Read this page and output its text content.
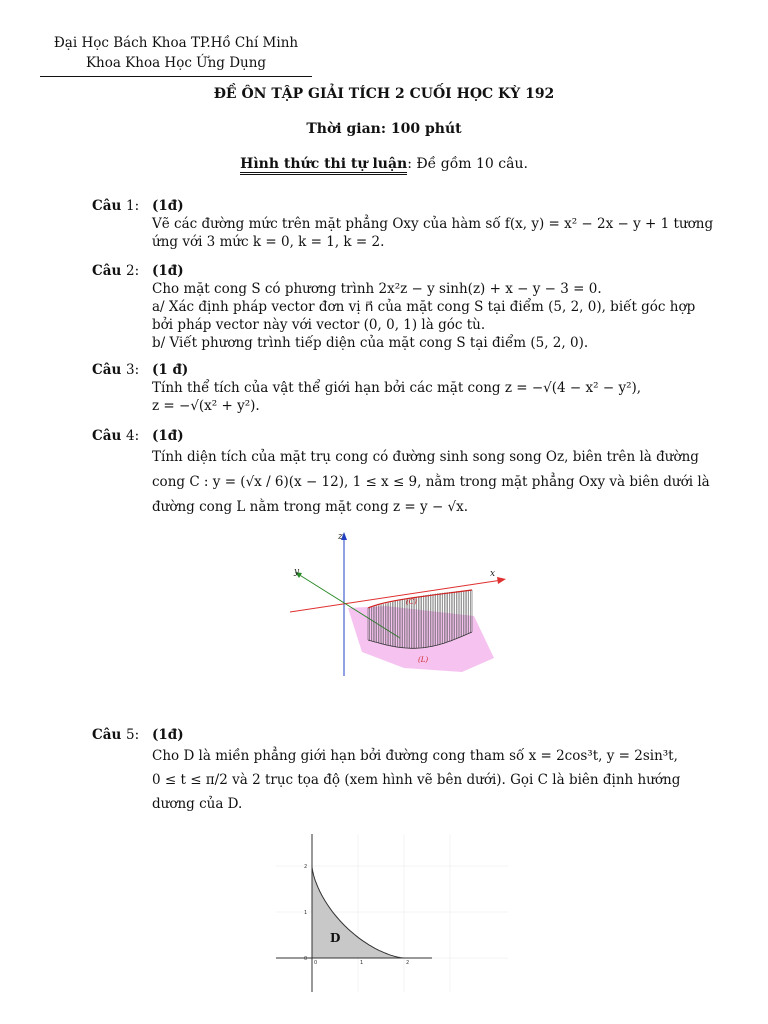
Đại Học Bách Khoa TP.Hồ Chí Minh
Khoa Khoa Học Ứng Dụng
ĐỀ ÔN TẬP GIẢI TÍCH 2 CUỐI HỌC KỲ 192
Thời gian: 100 phút
Hình thức thi tự luận: Đề gồm 10 câu.
Câu 1: (1đ)
Vẽ các đường mức trên mặt phẳng Oxy của hàm số f(x, y) = x² − 2x − y + 1 tương
ứng với 3 mức k = 0, k = 1, k = 2.
Câu 2: (1đ)
Cho mặt cong S có phương trình 2x²z − y sinh(z) + x − y − 3 = 0.
a/ Xác định pháp vector đơn vị n⃗ của mặt cong S tại điểm (5, 2, 0), biết góc hợp
bởi pháp vector này với vector (0, 0, 1) là góc tù.
b/ Viết phương trình tiếp diện của mặt cong S tại điểm (5, 2, 0).
Câu 3: (1 đ)
Tính thể tích của vật thể giới hạn bởi các mặt cong z = −√(4 − x² − y²),
z = −√(x² + y²).
Câu 4: (1đ)
Tính diện tích của mặt trụ cong có đường sinh song song Oz, biên trên là đường
cong C : y = (√x / 6)(x − 12), 1 ≤ x ≤ 9, nằm trong mặt phẳng Oxy và biên dưới là
đường cong L nằm trong mặt cong z = y − √x.
z
x
y
(C)
(L)
Câu 5: (1đ)
Cho D là miền phẳng giới hạn bởi đường cong tham số x = 2cos³t, y = 2sin³t,
0 ≤ t ≤ π/2 và 2 trục tọa độ (xem hình vẽ bên dưới). Gọi C là biên định hướng
dương của D.
D
0
1
2
0	1	2
